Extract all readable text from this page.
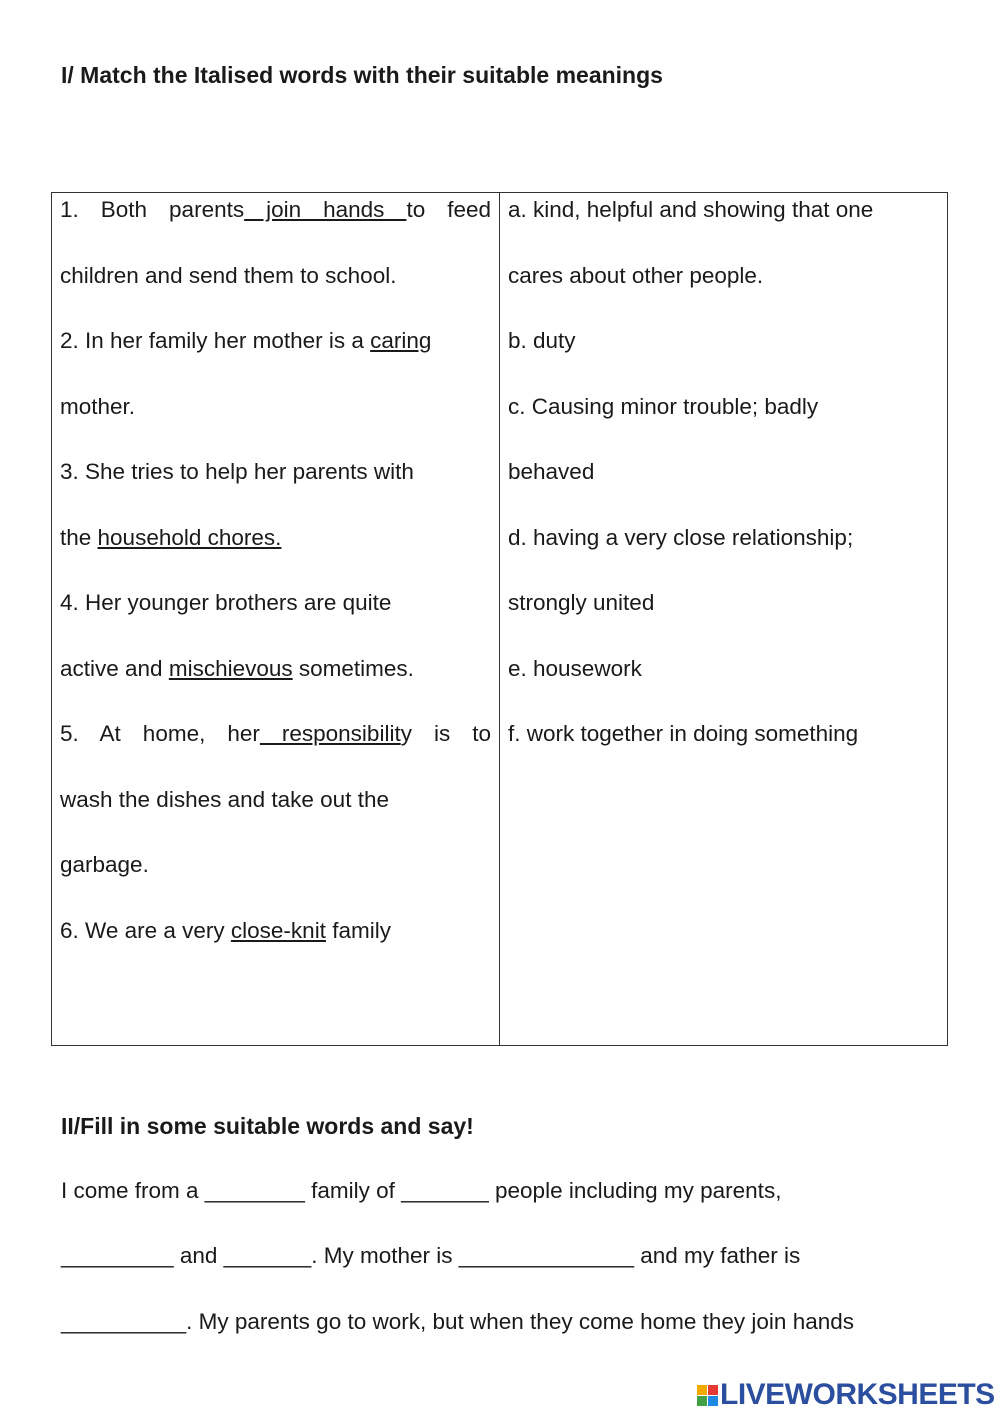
I/ Match the Italised words with their suitable meanings
1. Both parents join hands to feed
children and send them to school.
2. In her family her mother is a caring
mother.
3. She tries to help her parents with
the household chores.
4. Her younger brothers are quite
active and mischievous sometimes.
5. At home, her responsibility is to
wash the dishes and take out the
garbage.
6. We are a very close-knit family

a. kind, helpful and showing that one
cares about other people.
b. duty
c. Causing minor trouble; badly
behaved
d. having a very close relationship;
strongly united
e. housework
f. work together in doing something
II/Fill in some suitable words and say!
I come from a ________ family of _______ people including my parents,
_________ and _______. My mother is ______________ and my father is
__________. My parents go to work, but when they come home they join hands
LIVEWORKSHEETS
